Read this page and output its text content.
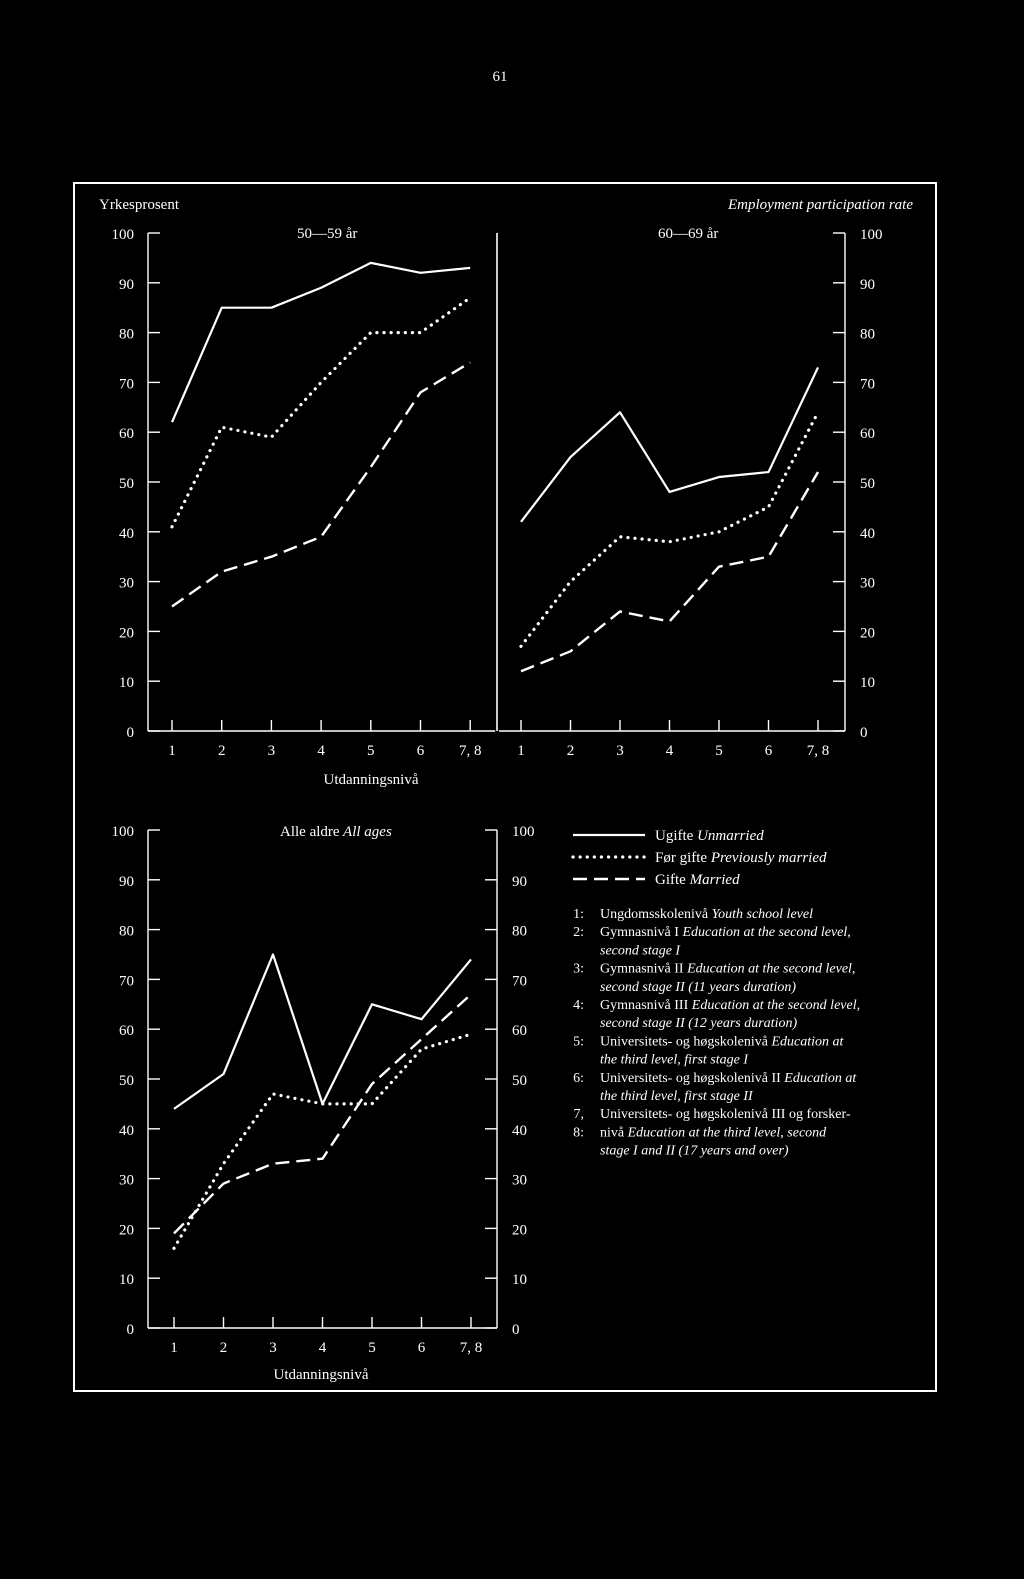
61
Yrkesprosent	Employment participation rate
Utdanningsnivå
Utdanningsnivå
50—59 år
0
10
20
30
40
50
60
70
80
90
100
1	2	3	4	5	6 7, 8
60—69 år
0
10
20
30
40
50
60
70
80
90
100
1	2	3	4	5	6 7, 8
Alle aldre All ages
0
10
20
30
40
50
60
70
80
90
100
0
10
20
30
40
50
60
70
80
90
100
1	2	3	4	5	6 7, 8
Ugifte Unmarried
Før gifte Previously married
Gifte Married
1: Ungdomsskolenivå Youth school level
2: Gymnasnivå I Education at the second level,
second stage I
3: Gymnasnivå II Education at the second level,
second stage II (11 years duration)
4: Gymnasnivå III Education at the second level,
second stage II (12 years duration)
5: Universitets- og høgskolenivå Education at
the third level, first stage I
6: Universitets- og høgskolenivå II Education at
the third level, first stage II
7, Universitets- og høgskolenivå III og forsker-
8: nivå Education at the third level, second
stage I and II (17 years and over)
